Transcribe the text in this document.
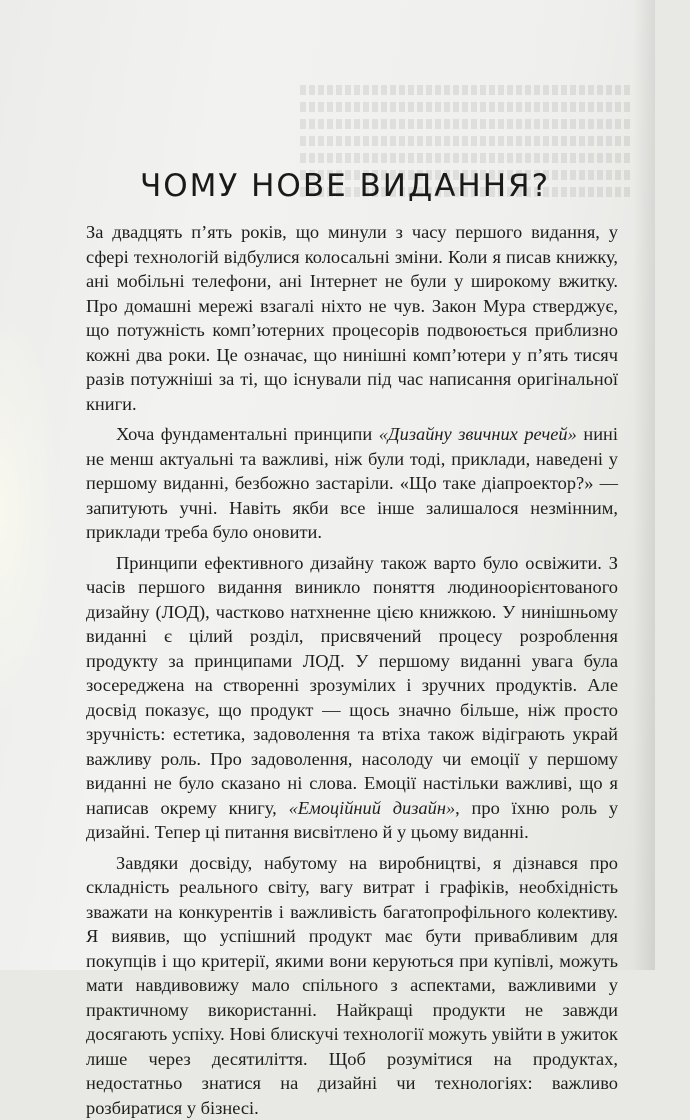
ЧОМУ НОВЕ ВИДАННЯ?

За двадцять п’ять років, що минули з часу першого видання, у сфері технологій відбулися колосальні зміни. Коли я писав книжку, ані мобільні телефони, ані Інтернет не були у широкому вжитку. Про домашні мережі взагалі ніхто не чув. Закон Мура стверджує, що потужність комп’ютерних процесорів подвоюється приблизно кожні два роки. Це означає, що нинішні комп’ютери у п’ять тисяч разів потужніші за ті, що існували під час написання оригінальної книги.

Хоча фундаментальні принципи «Дизайну звичних речей» нині не менш актуальні та важливі, ніж були тоді, приклади, наведені у першому виданні, безбожно застаріли. «Що таке діапроектор?» — запитують учні. Навіть якби все інше залишалося незмінним, приклади треба було оновити.

Принципи ефективного дизайну також варто було освіжити. З часів першого видання виникло поняття людиноорієнтованого дизайну (ЛОД), частково натхненне цією книжкою. У нинішньому виданні є цілий розділ, присвячений процесу розроблення продукту за принципами ЛОД. У першому виданні увага була зосереджена на створенні зрозумілих і зручних продуктів. Але досвід показує, що продукт — щось значно більше, ніж просто зручність: естетика, задоволення та втіха також відіграють украй важливу роль. Про задоволення, насолоду чи емоції у першому виданні не було сказано ні слова. Емоції настільки важливі, що я написав окрему книгу, «Емоційний дизайн», про їхню роль у дизайні. Тепер ці питання висвітлено й у цьому виданні.

Завдяки досвіду, набутому на виробництві, я дізнався про складність реального світу, вагу витрат і графіків, необхідність зважати на конкурентів і важливість багатопрофільного колективу. Я виявив, що успішний продукт має бути привабливим для покупців і що критерії, якими вони керуються при купівлі, можуть мати навдивовижу мало спільного з аспектами, важливими у практичному використанні. Найкращі продукти не завжди досягають успіху. Нові блискучі технології можуть увійти в ужиток лише через десятиліття. Щоб розумітися на продуктах, недостатньо знатися на дизайні чи технологіях: важливо розбиратися у бізнесі.
